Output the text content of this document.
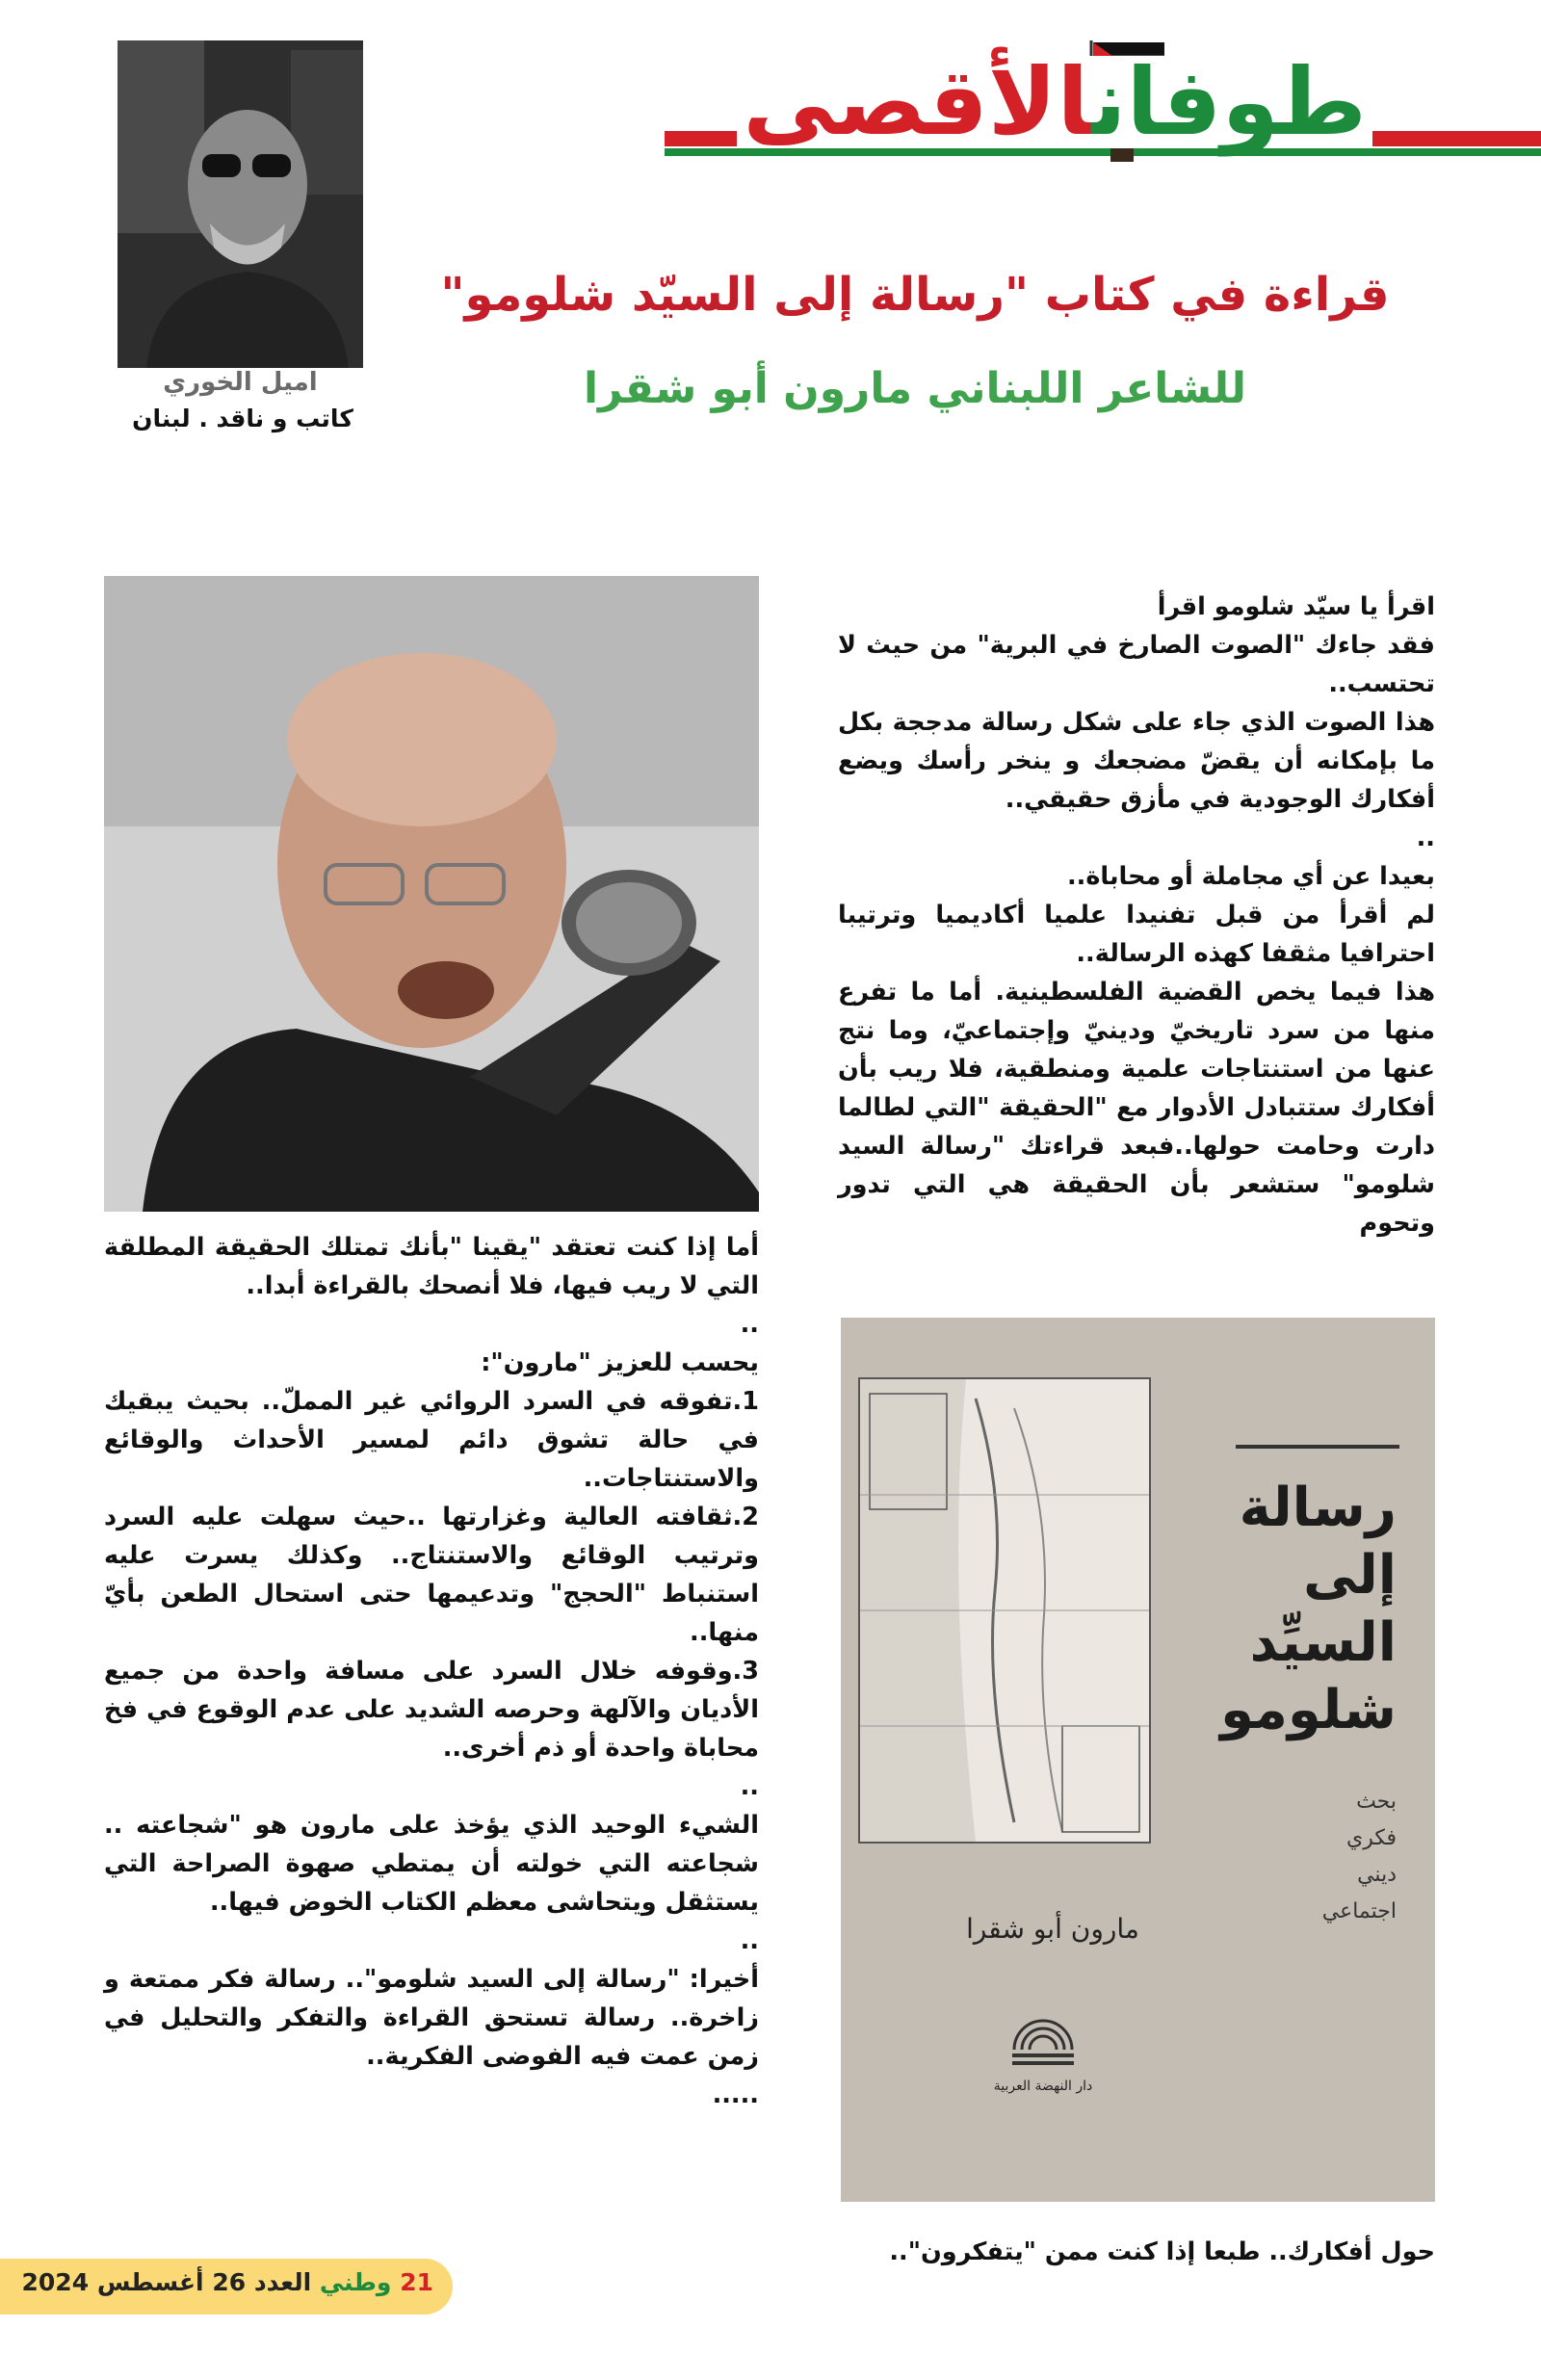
طوفانالأقصى
اميل الخوري
كاتب و ناقد . لبنان
قراءة في كتاب "رسالة إلى السيّد شلومو"
للشاعر اللبناني مارون أبو شقرا

اقرأ يا سيّد شلومو اقرأ

فقد جاءك "الصوت الصارخ في البرية" من حيث لا تحتسب..

هذا الصوت الذي جاء على شكل رسالة مدججة بكل ما بإمكانه أن يقضّ مضجعك و ينخر رأسك ويضع أفكارك الوجودية في مأزق حقيقي..

..

بعيدا عن أي مجاملة أو محاباة..

لم أقرأ من قبل تفنيدا علميا أكاديميا وترتيبا احترافيا مثقفا كهذه الرسالة..

هذا فيما يخص القضية الفلسطينية. أما ما تفرع منها من سرد تاريخيّ ودينيّ وإجتماعيّ، وما نتج عنها من استنتاجات علمية ومنطقية، فلا ريب بأن أفكارك ستتبادل الأدوار مع "الحقيقة "التي لطالما دارت وحامت حولها..فبعد قراءتك "رسالة السيد شلومو" ستشعر بأن الحقيقة هي التي تدور وتحوم

أما إذا كنت تعتقد "يقينا "بأنك تمتلك الحقيقة المطلقة التي لا ريب فيها، فلا أنصحك بالقراءة أبدا..

..

يحسب للعزيز "مارون":

1.تفوقه في السرد الروائي غير المملّ.. بحيث يبقيك في حالة تشوق دائم لمسير الأحداث والوقائع والاستنتاجات..

2.ثقافته العالية وغزارتها ..حيث سهلت عليه السرد وترتيب الوقائع والاستنتاج.. وكذلك يسرت عليه استنباط "الحجج" وتدعيمها حتى استحال الطعن بأيّ منها..

3.وقوفه خلال السرد على مسافة واحدة من جميع الأديان والآلهة وحرصه الشديد على عدم الوقوع في فخ محاباة واحدة أو ذم أخرى..

..

الشيء الوحيد الذي يؤخذ على مارون هو "شجاعته .. شجاعته التي خولته أن يمتطي صهوة الصراحة التي يستثقل ويتحاشى معظم الكتاب الخوض فيها..

..

أخيرا: "رسالة إلى السيد شلومو".. رسالة فكر ممتعة و زاخرة.. رسالة تستحق القراءة والتفكر والتحليل في زمن عمت فيه الفوضى الفكرية..

.....

رسالة
إلى
السيِّد
شلومو
بحث
فكري
ديني
اجتماعي
مارون أبو شقرا
دار النهضة العربية

حول أفكارك.. طبعا إذا كنت ممن "يتفكرون"..

21 وطني العدد 26 أغسطس 2024
